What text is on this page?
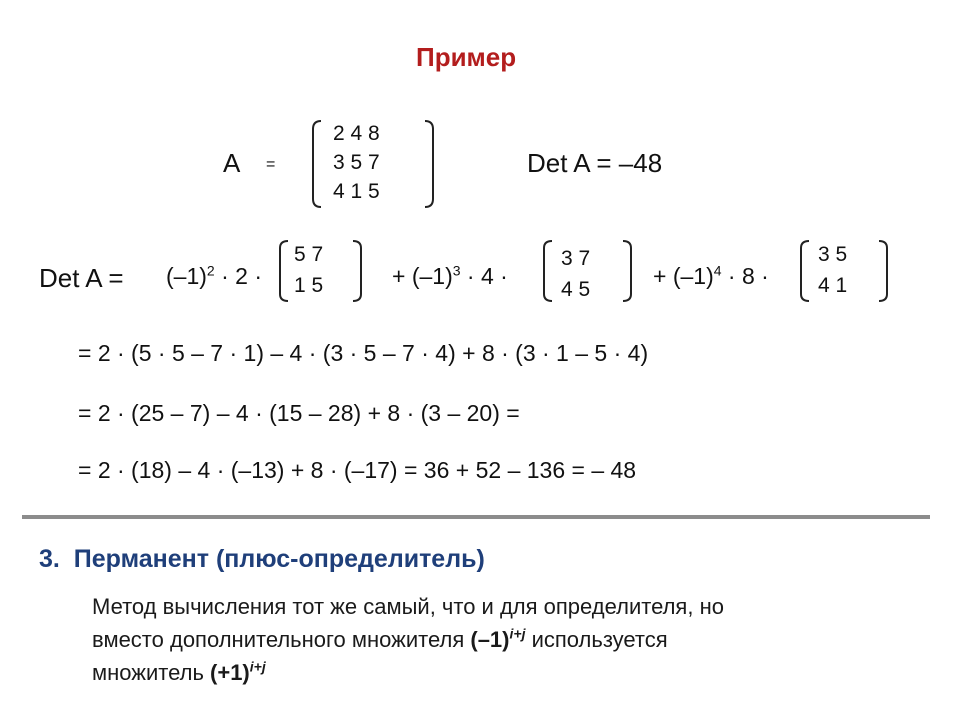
Пример
A =
2 4 8
3 5 7
4 1 5
Det A = –48
Det $A = (-1)^2 \cdot 2$ ·
5 7
1 5	+ $(-1)^3 \cdot 4$ ·
3 7
4 5
+ $(-1)^4 \cdot 8$ ·
3 5
4 1
= 2 · (5 · 5 – 7 · 1) – 4 · (3 · 5 – 7 · 4) + 8 · (3 · 1 – 5 · 4)
= 2 · (25 – 7) – 4 · (15 – 28) + 8 · (3 – 20) =
= 2 · (18) – 4 · (–13) + 8 · (–17) = 36 + 52 – 136 = – 48
3. Перманент (плюс-определитель)
Метод вычисления тот же самый, что и для определителя, но
вместо дополнительного множителя $(-1)^{i+j}$ используется
множитель $(+1)^{i+j}$
